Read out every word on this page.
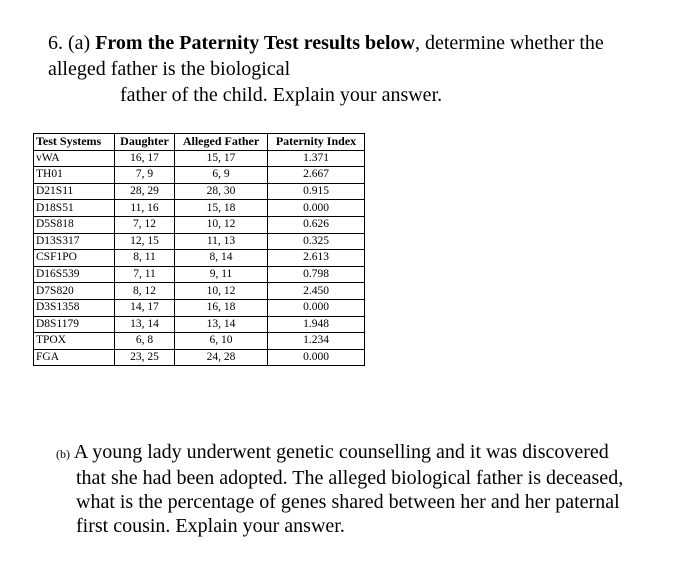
6. (a) From the Paternity Test results below, determine whether the
alleged father is the biological
father of the child. Explain your answer.
Test Systems	Daughter	Alleged Father	Paternity Index
vWA	16, 17	15, 17	1.371
TH01	7, 9	6, 9	2.667
D21S11	28, 29	28, 30	0.915
D18S51	11, 16	15, 18	0.000
D5S818	7, 12	10, 12	0.626
D13S317	12, 15	11, 13	0.325
CSF1PO	8, 11	8, 14	2.613
D16S539	7, 11	9, 11	0.798
D7S820	8, 12	10, 12	2.450
D3S1358	14, 17	16, 18	0.000
D8S1179	13, 14	13, 14	1.948
TPOX	6, 8	6, 10	1.234
FGA	23, 25	24, 28	0.000
(b) A young lady underwent genetic counselling and it was discovered
that she had been adopted. The alleged biological father is deceased,
what is the percentage of genes shared between her and her paternal
first cousin. Explain your answer.
